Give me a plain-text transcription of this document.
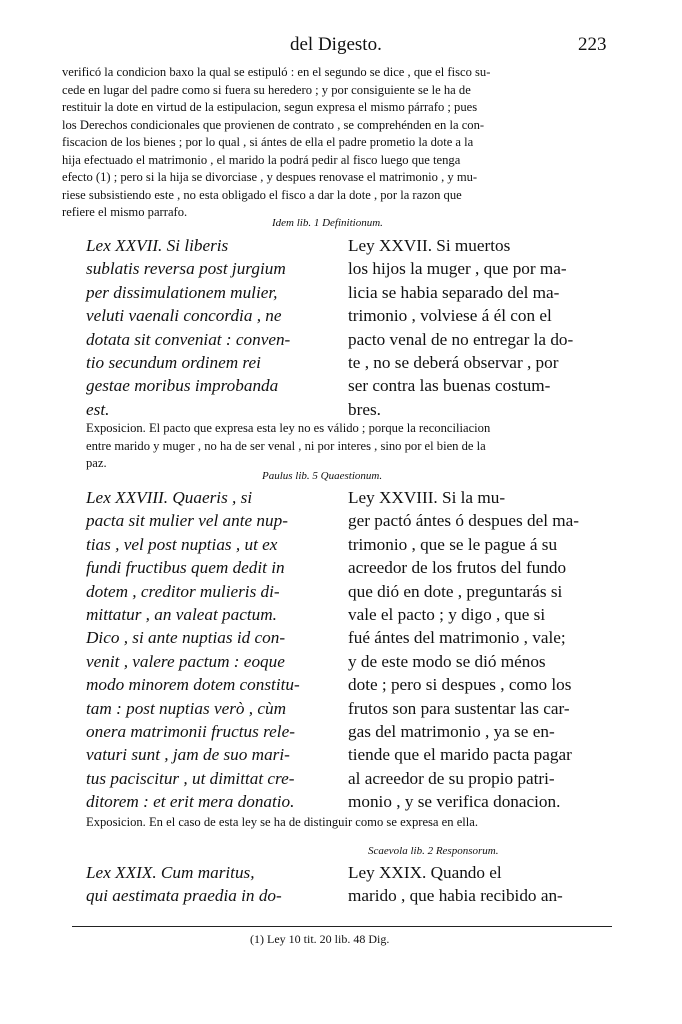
del Digesto.	223
verificó la condicion baxo la qual se estipuló : en el segundo se dice , que el fisco su-
cede en lugar del padre como si fuera su heredero ; y por consiguiente se le ha de
restituir la dote en virtud de la estipulacion, segun expresa el mismo párrafo ; pues
los Derechos condicionales que provienen de contrato , se comprehénden en la con-
fiscacion de los bienes ; por lo qual , si ántes de ella el padre prometio la dote a la
hija efectuado el matrimonio , el marido la podrá pedir al fisco luego que tenga
efecto (1) ; pero si la hija se divorciase , y despues renovase el matrimonio , y mu-
riese subsistiendo este , no esta obligado el fisco a dar la dote , por la razon que
refiere el mismo parrafo.
Idem lib. 1 Definitionum.
Lex XXVII. Si liberis
sublatis reversa post jurgium
per dissimulationem mulier,
veluti vaenali concordia , ne
dotata sit conveniat : conven-
tio secundum ordinem rei
gestae moribus improbanda
est.
Ley XXVII. Si muertos
los hijos la muger , que por ma-
licia se habia separado del ma-
trimonio , volviese á él con el
pacto venal de no entregar la do-
te , no se deberá observar , por
ser contra las buenas costum-
bres.
Exposicion. El pacto que expresa esta ley no es válido ; porque la reconciliacion
entre marido y muger , no ha de ser venal , ni por interes , sino por el bien de la
paz.
Paulus lib. 5 Quaestionum.
Lex XXVIII. Quaeris , si
pacta sit mulier vel ante nup-
tias , vel post nuptias , ut ex
fundi fructibus quem dedit in
dotem , creditor mulieris di-
mittatur , an valeat pactum.
Dico , si ante nuptias id con-
venit , valere pactum : eoque
modo minorem dotem constitu-
tam : post nuptias verò , cùm
onera matrimonii fructus rele-
vaturi sunt , jam de suo mari-
tus paciscitur , ut dimittat cre-
ditorem : et erit mera donatio.
Ley XXVIII. Si la mu-
ger pactó ántes ó despues del ma-
trimonio , que se le pague á su
acreedor de los frutos del fundo
que dió en dote , preguntarás si
vale el pacto ; y digo , que si
fué ántes del matrimonio , vale;
y de este modo se dió ménos
dote ; pero si despues , como los
frutos son para sustentar las car-
gas del matrimonio , ya se en-
tiende que el marido pacta pagar
al acreedor de su propio patri-
monio , y se verifica donacion.
Exposicion. En el caso de esta ley se ha de distinguir como se expresa en ella.
Scaevola lib. 2 Responsorum.
Lex XXIX. Cum maritus,
qui aestimata praedia in do-
Ley XXIX. Quando el
marido , que habia recibido an-
(1) Ley 10 tit. 20 lib. 48 Dig.
